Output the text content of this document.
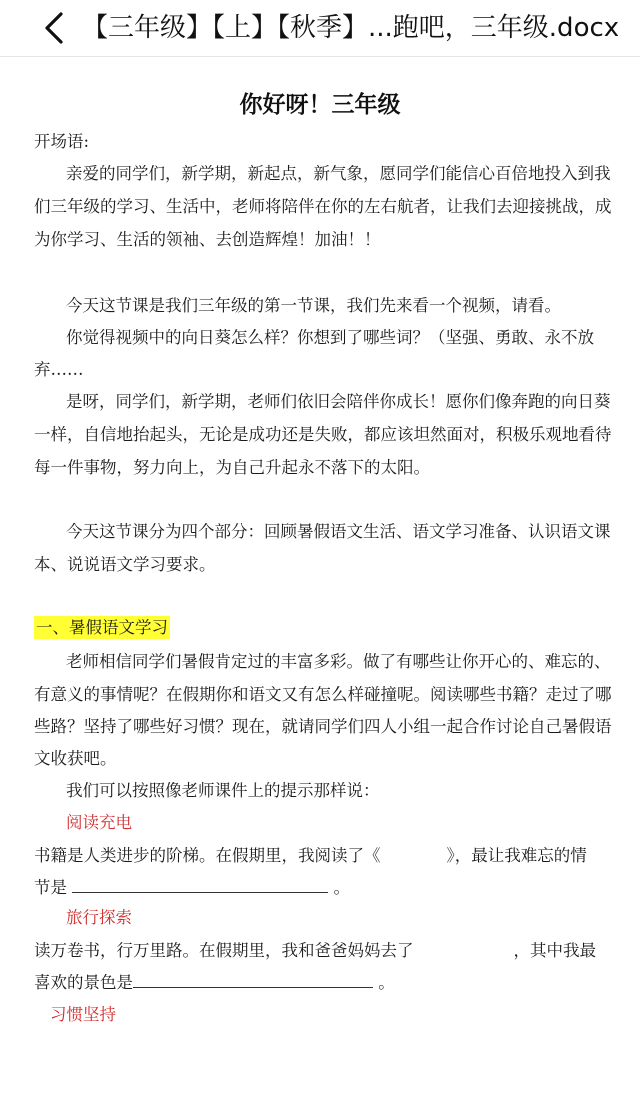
【三年级】【上】【秋季】...跑吧，三年级.docx
你好呀！三年级
开场语:
亲爱的同学们，新学期，新起点，新气象，愿同学们能信心百倍地投入到我
们三年级的学习、生活中，老师将陪伴在你的左右航者，让我们去迎接挑战，成
为你学习、生活的领袖、去创造辉煌！加油！！
今天这节课是我们三年级的第一节课，我们先来看一个视频，请看。
你觉得视频中的向日葵怎么样？你想到了哪些词？（坚强、勇敢、永不放
弃……
是呀，同学们，新学期，老师们依旧会陪伴你成长！愿你们像奔跑的向日葵
一样，自信地抬起头，无论是成功还是失败，都应该坦然面对，积极乐观地看待
每一件事物，努力向上，为自己升起永不落下的太阳。
今天这节课分为四个部分：回顾暑假语文生活、语文学习准备、认识语文课
本、说说语文学习要求。
一、暑假语文学习
老师相信同学们暑假肯定过的丰富多彩。做了有哪些让你开心的、难忘的、
有意义的事情呢？在假期你和语文又有怎么样碰撞呢。阅读哪些书籍？走过了哪
些路？坚持了哪些好习惯？现在，就请同学们四人小组一起合作讨论自己暑假语
文收获吧。
我们可以按照像老师课件上的提示那样说：
阅读充电
书籍是人类进步的阶梯。在假期里，我阅读了《	》，最让我难忘的情
节是	。
旅行探索
读万卷书，行万里路。在假期里，我和爸爸妈妈去了	，其中我最
喜欢的景色是	。
习惯坚持
